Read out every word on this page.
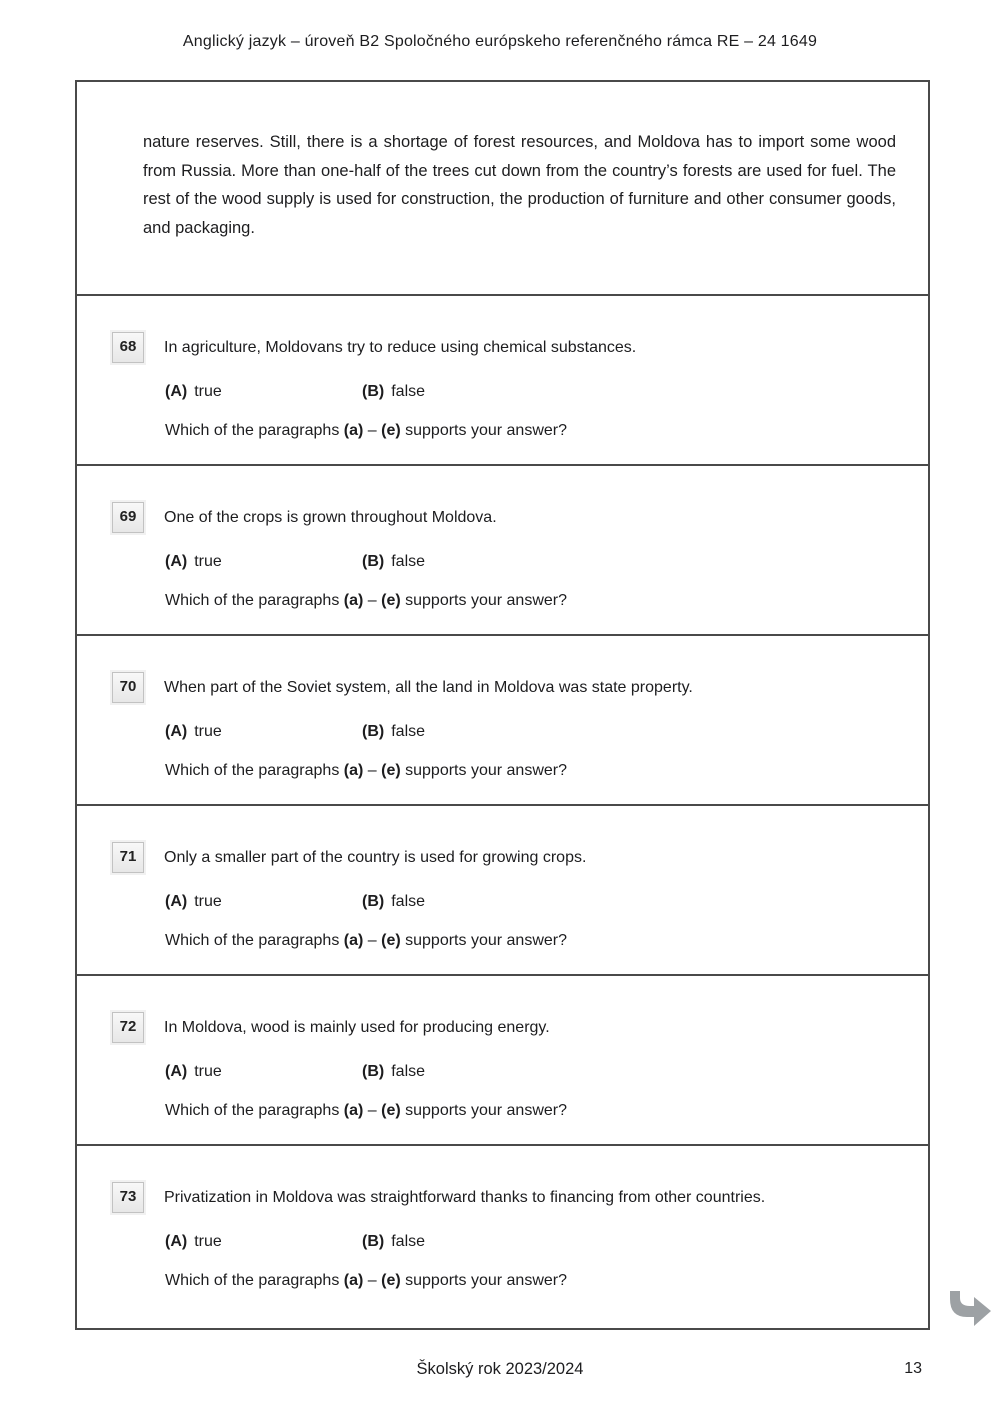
Anglický jazyk – úroveň B2 Spoločného európskeho referenčného rámca RE – 24 1649

nature reserves. Still, there is a shortage of forest resources, and Moldova has to import some wood from Russia. More than one-half of the trees cut down from the country’s forests are used for fuel. The rest of the wood supply is used for construction, the production of furniture and other consumer goods, and packaging.

68 In agriculture, Moldovans try to reduce using chemical substances.
(A) true	(B) false
Which of the paragraphs (a) – (e) supports your answer?
69 One of the crops is grown throughout Moldova.
(A) true	(B) false
Which of the paragraphs (a) – (e) supports your answer?
70 When part of the Soviet system, all the land in Moldova was state property.
(A) true	(B) false
Which of the paragraphs (a) – (e) supports your answer?
71 Only a smaller part of the country is used for growing crops.
(A) true	(B) false
Which of the paragraphs (a) – (e) supports your answer?
72 In Moldova, wood is mainly used for producing energy.
(A) true	(B) false
Which of the paragraphs (a) – (e) supports your answer?
73 Privatization in Moldova was straightforward thanks to financing from other countries.
(A) true	(B) false
Which of the paragraphs (a) – (e) supports your answer?
Školský rok 2023/2024	13
